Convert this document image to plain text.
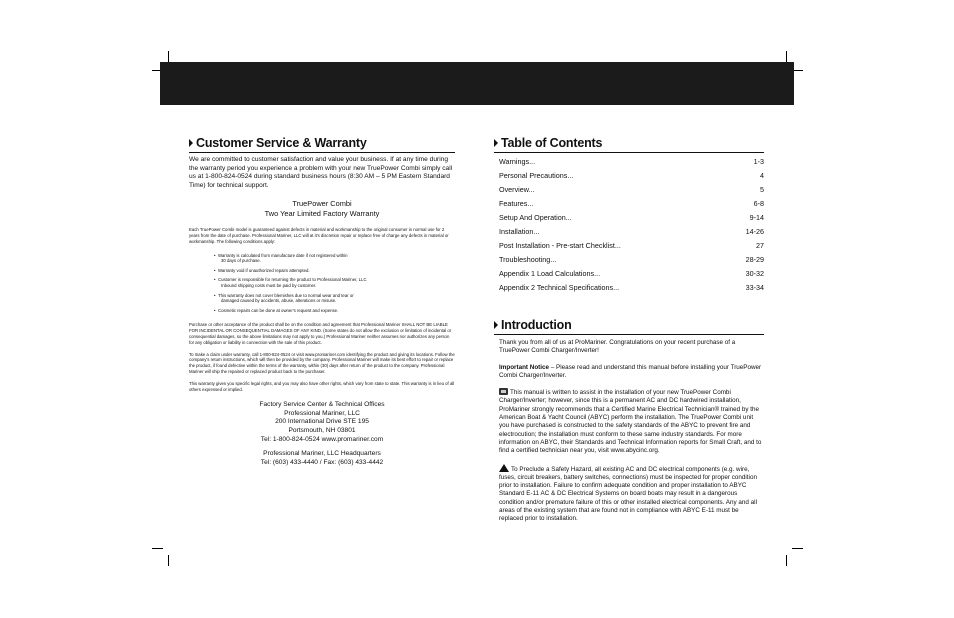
Customer Service & Warranty

We are committed to customer satisfaction and value your business. If at any time during the warranty period you experience a problem with your new TruePower Combi simply call us at 1-800-824-0524 during standard business hours (8:30 AM – 5 PM Eastern Standard Time) for technical support.

TruePower Combi
Two Year Limited Factory Warranty

Each TruePower Combi model is guaranteed against defects in material and workmanship to the original consumer in normal use for 2 years from the date of purchase. Professional Mariner, LLC will at it's discretion repair or replace free of charge any defects in material or workmanship. The following conditions apply:

• Warranty is calculated from manufacture date if not registered within
30 days of purchase.
• Warranty void if unauthorized repairs attempted.
• Customer is responsible for returning the product to Professional Mariner, LLC
Inbound shipping costs must be paid by customer.
• This warranty does not cover blemishes due to normal wear and tear or
damaged caused by accidents, abuse, alterations or misuse.
• Cosmetic repairs can be done at owner's request and expense.

Purchase or other acceptance of the product shall be on the condition and agreement that Professional Mariner SHALL NOT BE LIABLE FOR INCIDENTAL OR CONSEQUENTIAL DAMAGES OF ANY KIND. (Some states do not allow the exclusion or limitation of incidental or consequential damages, so the above limitations may not apply to you.) Professional Mariner neither assumes nor authorizes any person for any obligation or liability in connection with the sale of this product.

To make a claim under warranty, call 1-800-824-0524 or visit www.promariner.com identifying the product and giving its locations. Follow the company's return instructions, which will then be provided by the company. Professional Mariner will make its best effort to repair or replace the product, if found defective within the terms of the warranty, within (30) days after return of the product to the company. Professional Mariner will ship the repaired or replaced product back to the purchaser.

This warranty gives you specific legal rights, and you may also have other rights, which vary from state to state. This warranty is in lieu of all others expressed or implied.

Factory Service Center & Technical Offices
Professional Mariner, LLC
200 International Drive STE 195
Portsmouth, NH 03801
Tel: 1-800-824-0524 www.promariner.com
Professional Mariner, LLC Headquarters
Tel: (603) 433-4440 / Fax: (603) 433-4442
Table of Contents
Warnings...	1-3
Personal Precautions...	4
Overview...	5
Features...	6-8
Setup And Operation...	9-14
Installation...	14-26
Post Installation - Pre-start Checklist...	27
Troubleshooting...	28-29
Appendix 1 Load Calculations...	30-32
Appendix 2 Technical Specifications...	33-34
Introduction

Thank you from all of us at ProMariner. Congratulations on your recent purchase of a TruePower Combi Charger/Inverter!

Important Notice – Please read and understand this manual before installing your TruePower Combi Charger/Inverter.

This manual is written to assist in the installation of your new TruePower Combi Charger/Inverter; however, since this is a permanent AC and DC hardwired installation, ProMariner strongly recommends that a Certified Marine Electrical Technician® trained by the American Boat & Yacht Council (ABYC) perform the installation. The TruePower Combi unit you have purchased is constructed to the safety standards of the ABYC to prevent fire and electrocution; the installation must conform to these same industry standards. For more information on ABYC, their Standards and Technical Information reports for Small Craft, and to find a certified technician near you, visit www.abycinc.org.

To Preclude a Safety Hazard, all existing AC and DC electrical components (e.g. wire, fuses, circuit breakers, battery switches, connections) must be inspected for proper condition prior to installation. Failure to confirm adequate condition and proper installation to ABYC Standard E-11 AC & DC Electrical Systems on board boats may result in a dangerous condition and/or premature failure of this or other installed electrical components. Any and all areas of the existing system that are found not in compliance with ABYC E-11 must be replaced prior to installation.
